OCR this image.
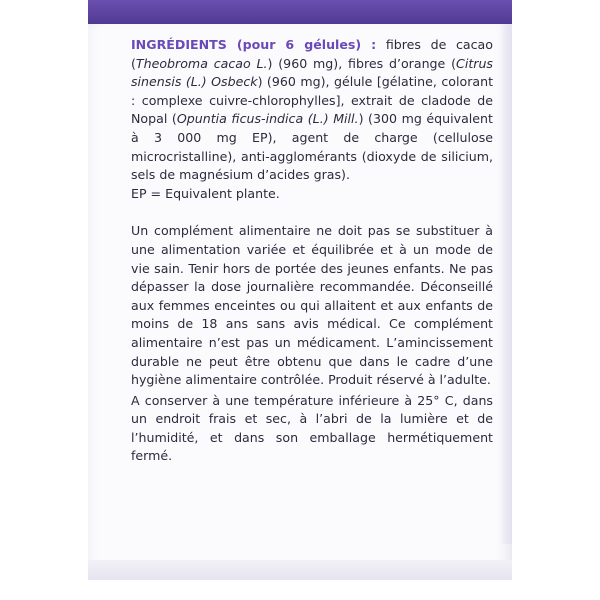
INGRÉDIENTS (pour 6 gélules) : fibres de cacao (Theobroma cacao L.) (960 mg), fibres d’orange (Citrus sinensis (L.) Osbeck) (960 mg), gélule [gélatine, colorant : complexe cuivre-chlorophylles], extrait de cladode de Nopal (Opuntia ficus-indica (L.) Mill.) (300 mg équivalent à 3 000 mg EP), agent de charge (cellulose microcristalline), anti-agglomérants (dioxyde de silicium, sels de magnésium d’acides gras).

EP = Equivalent plante.

Un complément alimentaire ne doit pas se substituer à une alimentation variée et équilibrée et à un mode de vie sain. Tenir hors de portée des jeunes enfants. Ne pas dépasser la dose journalière recommandée. Déconseillé aux femmes enceintes ou qui allaitent et aux enfants de moins de 18 ans sans avis médical. Ce complément alimentaire n’est pas un médicament. L’amincissement durable ne peut être obtenu que dans le cadre d’une hygiène alimentaire contrôlée. Produit réservé à l’adulte.

A conserver à une température inférieure à 25° C, dans un endroit frais et sec, à l’abri de la lumière et de l’humidité, et dans son emballage hermétiquement fermé.
